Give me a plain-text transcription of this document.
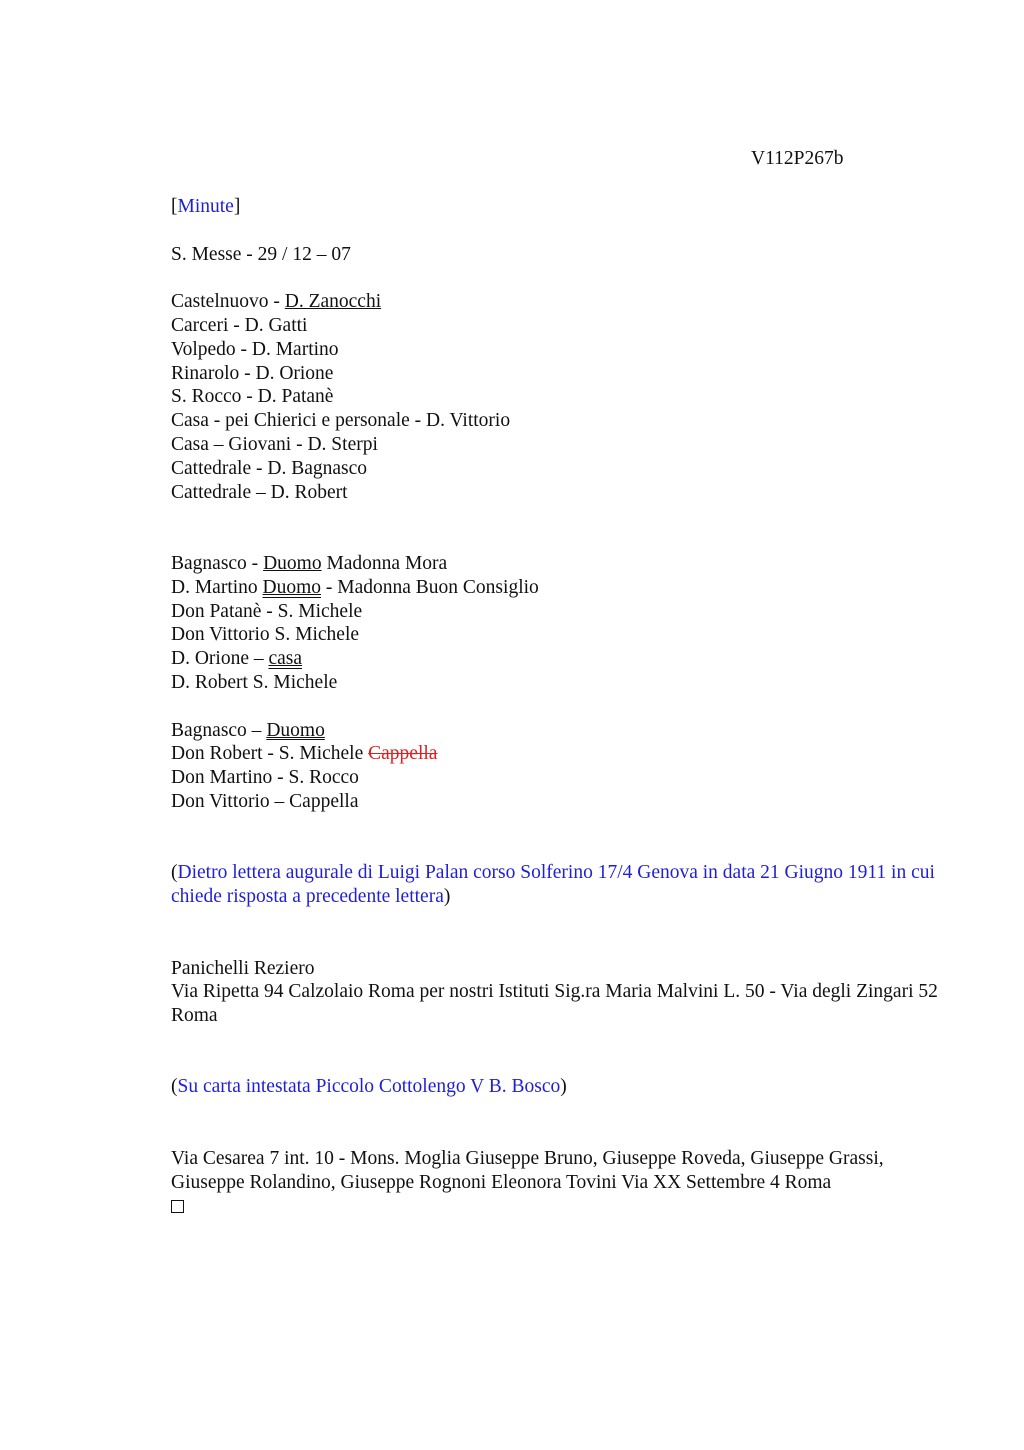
V112P267b
[Minute]
S. Messe - 29 / 12 – 07
Castelnuovo - D. Zanocchi
Carceri - D. Gatti
Volpedo - D. Martino
Rinarolo - D. Orione
S. Rocco - D. Patanè
Casa - pei Chierici e personale - D. Vittorio
Casa – Giovani - D. Sterpi
Cattedrale - D. Bagnasco
Cattedrale – D. Robert
Bagnasco - Duomo Madonna Mora
D. Martino Duomo - Madonna Buon Consiglio
Don Patanè - S. Michele
Don Vittorio S. Michele
D. Orione – casa
D. Robert S. Michele
Bagnasco – Duomo
Don Robert - S. Michele Cappella
Don Martino - S. Rocco
Don Vittorio – Cappella
(Dietro lettera augurale di Luigi Palan corso Solferino 17/4 Genova in data 21 Giugno 1911 in cui chiede risposta a precedente lettera)
Panichelli Reziero
Via Ripetta 94 Calzolaio Roma per nostri Istituti Sig.ra Maria Malvini L. 50 - Via degli Zingari 52 Roma
(Su carta intestata Piccolo Cottolengo V B. Bosco)
Via Cesarea 7 int. 10 - Mons. Moglia Giuseppe Bruno, Giuseppe Roveda, Giuseppe Grassi, Giuseppe Rolandino, Giuseppe Rognoni Eleonora Tovini Via XX Settembre 4 Roma
